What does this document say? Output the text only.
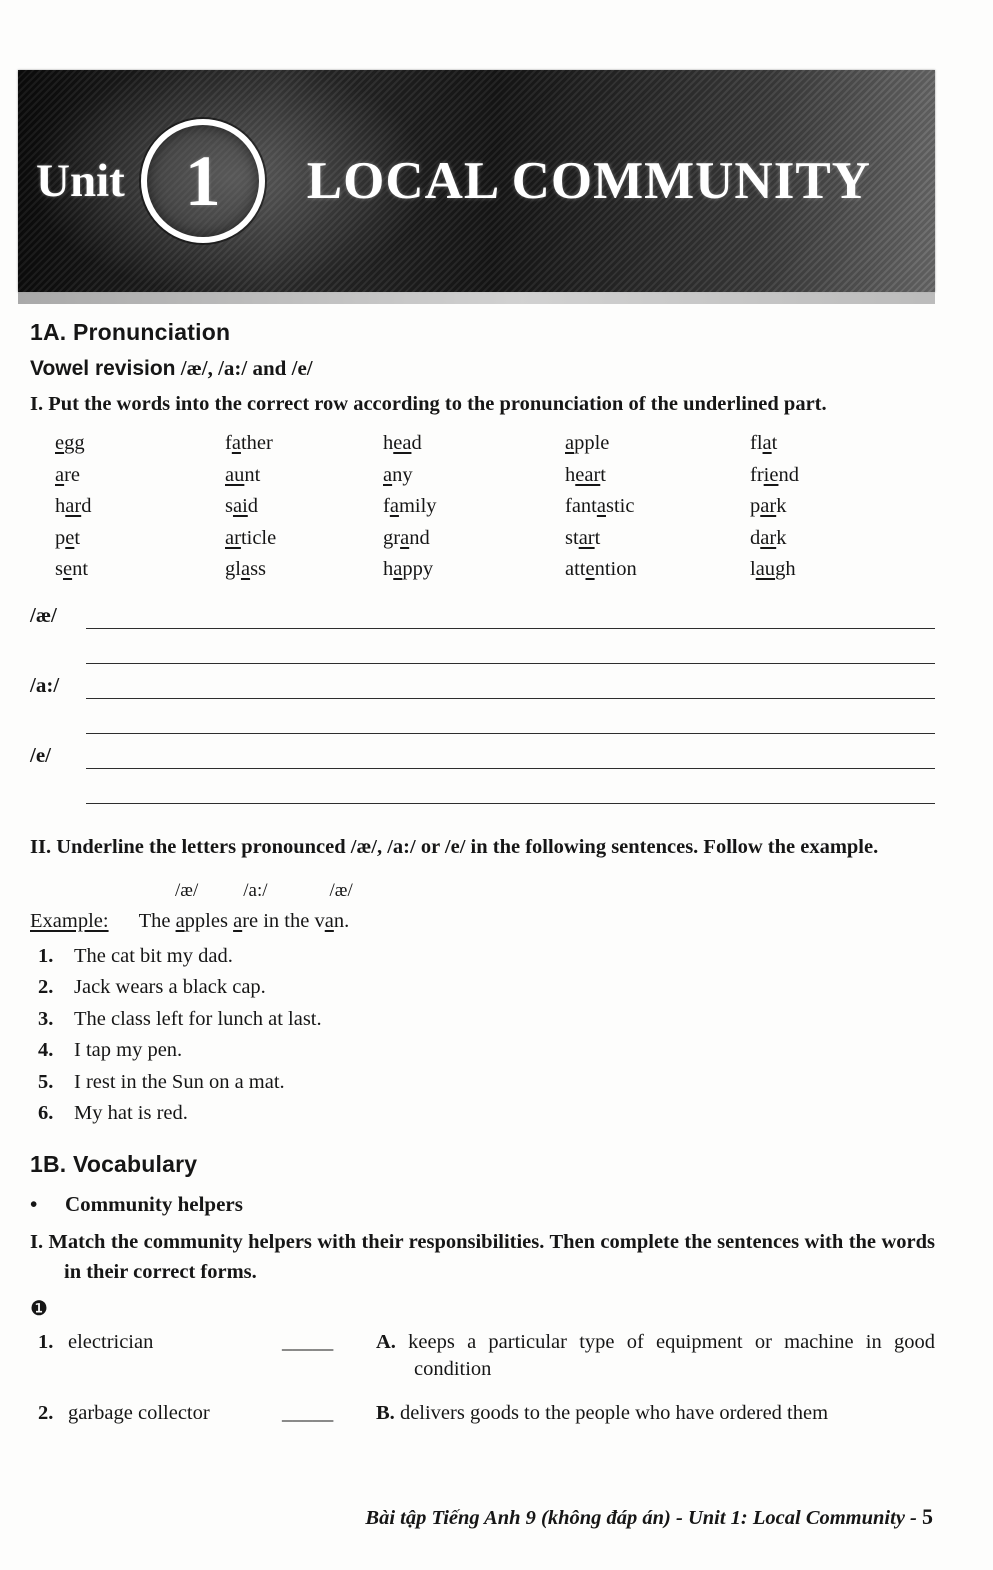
Unit 1 LOCAL COMMUNITY
1A. Pronunciation
Vowel revision /æ/, /a:/ and /e/
I. Put the words into the correct row according to the pronunciation of the underlined part.
egg	father	head	apple	flat
are	aunt	any	heart	friend
hard	said	family	fantastic	park
pet	article	grand	start	dark
sent	glass	happy	attention	laugh
/æ/
/a:/
/e/
II. Underline the letters pronounced /æ/, /a:/ or /e/ in the following sentences. Follow the example.
/æ/ /a:/	/æ/
Example: The apples are in the van.
1.	The cat bit my dad.
2.	Jack wears a black cap.
3.	The class left for lunch at last.
4.	I tap my pen.
5.	I rest in the Sun on a mat.
6.	My hat is red.
1B. Vocabulary
•	Community helpers
I. Match the community helpers with their responsibilities. Then complete the sentences with the words in their correct forms.
❶
1. electrician	_____	A. keeps a particular type of equipment or machine in good condition
2. garbage collector	_____	B. delivers goods to the people who have ordered them
Bài tập Tiếng Anh 9 (không đáp án) - Unit 1: Local Community - 5
